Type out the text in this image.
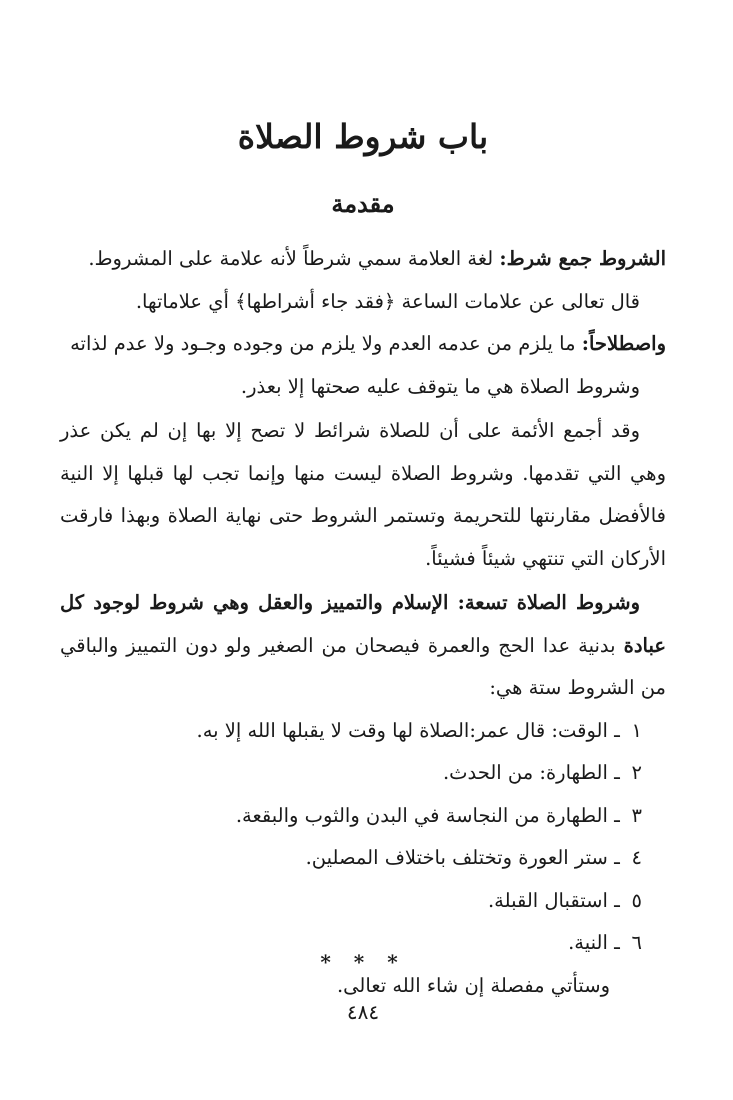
باب شروط الصلاة
مقدمة

الشروط جمع شرط: لغة العلامة سمي شرطاً لأنه علامة على المشروط.

قال تعالى عن علامات الساعة ﴿فقد جاء أشراطها﴾ أي علاماتها.

واصطلاحاً: ما يلزم من عدمه العدم ولا يلزم من وجوده وجـود ولا عدم لذاته

وشروط الصلاة هي ما يتوقف عليه صحتها إلا بعذر.

وقد أجمع الأئمة على أن للصلاة شرائط لا تصح إلا بها إن لم يكن عذر وهي التي تقدمها. وشروط الصلاة ليست منها وإنما تجب لها قبلها إلا النية فالأفضل مقارنتها للتحريمة وتستمر الشروط حتى نهاية الصلاة وبهذا فارقت الأركان التي تنتهي شيئاً فشيئاً.

وشروط الصلاة تسعة: الإسلام والتمييز والعقل وهي شروط لوجود كل عبادة بدنية عدا الحج والعمرة فيصحان من الصغير ولو دون التمييز والباقي من الشروط ستة هي:

١ ـ الوقت: قال عمر:الصلاة لها وقت لا يقبلها الله إلا به.
٢ ـ الطهارة: من الحدث.
٣ ـ الطهارة من النجاسة في البدن والثوب والبقعة.
٤ ـ ستر العورة وتختلف باختلاف المصلين.
٥ ـ استقبال القبلة.
٦ ـ النية.

وستأتي مفصلة إن شاء الله تعالى.

* * *
٤٨٤
